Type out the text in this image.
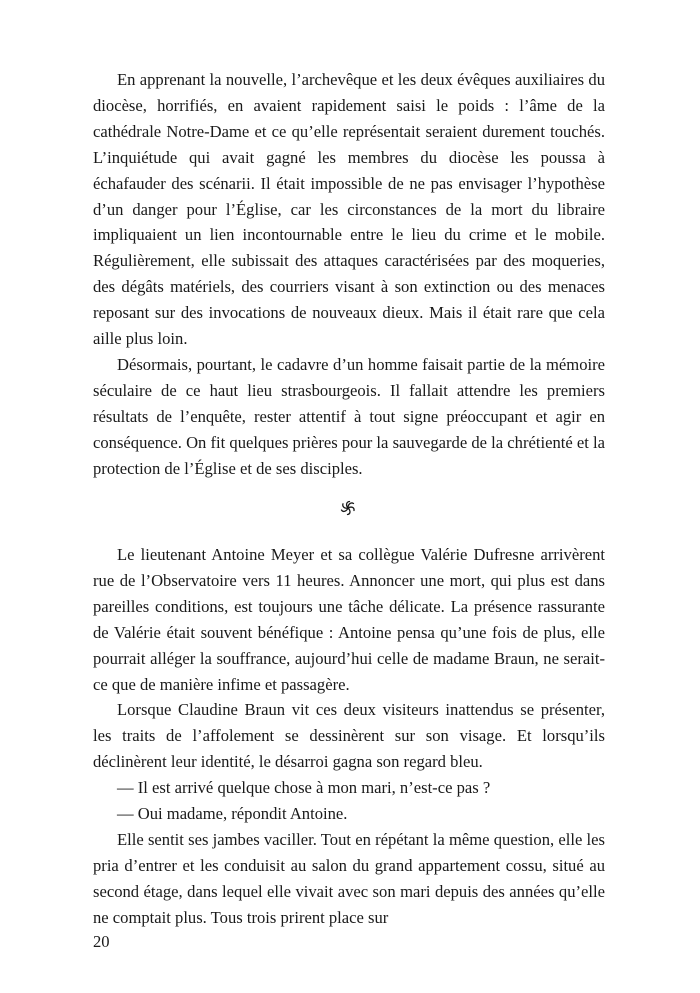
En apprenant la nouvelle, l’archevêque et les deux évêques auxiliaires du diocèse, horrifiés, en avaient rapidement saisi le poids : l’âme de la cathédrale Notre-Dame et ce qu’elle représentait seraient durement touchés. L’inquiétude qui avait gagné les membres du diocèse les poussa à échafauder des scénarii. Il était impossible de ne pas envisager l’hypothèse d’un danger pour l’Église, car les circonstances de la mort du libraire impliquaient un lien incontournable entre le lieu du crime et le mobile. Régulièrement, elle subissait des attaques caractérisées par des moqueries, des dégâts matériels, des courriers visant à son extinction ou des menaces reposant sur des invocations de nouveaux dieux. Mais il était rare que cela aille plus loin.

Désormais, pourtant, le cadavre d’un homme faisait partie de la mémoire séculaire de ce haut lieu strasbourgeois. Il fallait attendre les premiers résultats de l’enquête, rester attentif à tout signe préoccupant et agir en conséquence. On fit quelques prières pour la sauvegarde de la chrétienté et la protection de l’Église et de ses disciples.

Le lieutenant Antoine Meyer et sa collègue Valérie Dufresne arrivèrent rue de l’Observatoire vers 11 heures. Annoncer une mort, qui plus est dans pareilles conditions, est toujours une tâche délicate. La présence rassurante de Valérie était souvent bénéfique : Antoine pensa qu’une fois de plus, elle pourrait alléger la souffrance, aujourd’hui celle de madame Braun, ne serait-ce que de manière infime et passagère.

Lorsque Claudine Braun vit ces deux visiteurs inattendus se présenter, les traits de l’affolement se dessinèrent sur son visage. Et lorsqu’ils déclinèrent leur identité, le désarroi gagna son regard bleu.

— Il est arrivé quelque chose à mon mari, n’est-ce pas ?

— Oui madame, répondit Antoine.

Elle sentit ses jambes vaciller. Tout en répétant la même question, elle les pria d’entrer et les conduisit au salon du grand appartement cossu, situé au second étage, dans lequel elle vivait avec son mari depuis des années qu’elle ne comptait plus. Tous trois prirent place sur

20
